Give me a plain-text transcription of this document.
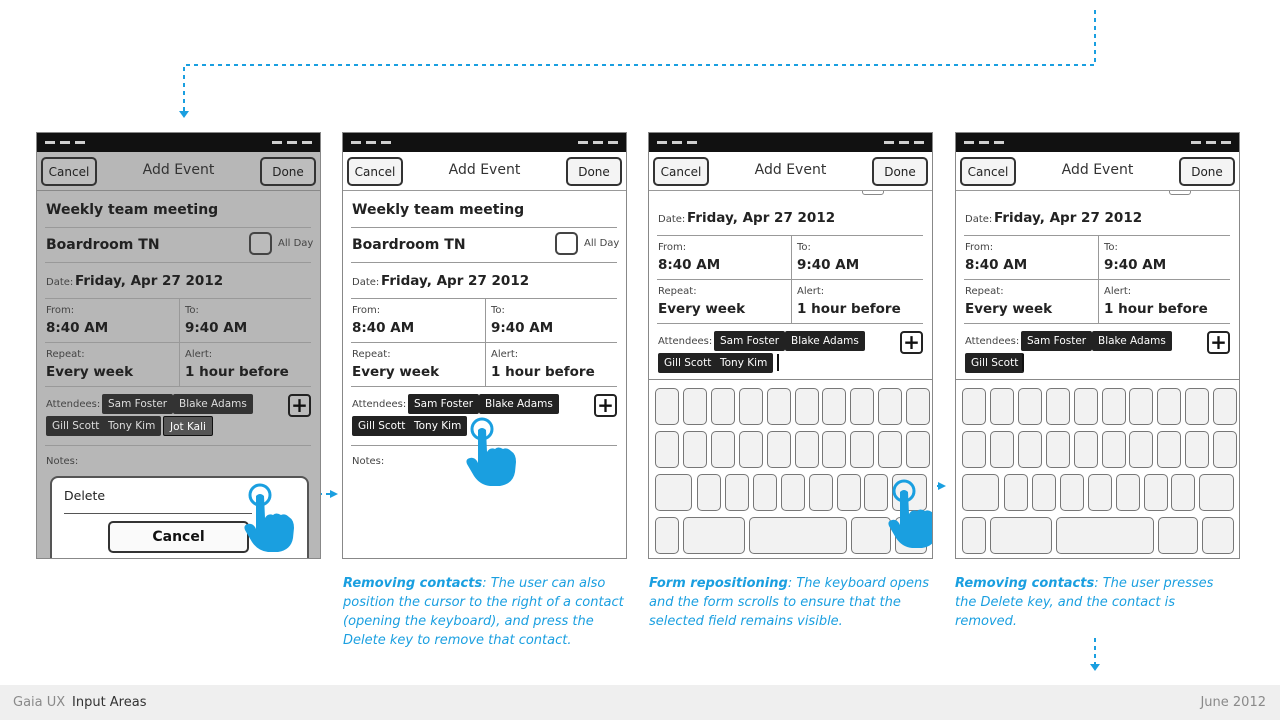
Cancel	Add Event	Done
Weekly team meeting
Boardroom TN	All Day
Date: Friday, Apr 27 2012
From:
8:40 AM
To:
9:40 AM
Repeat:
Every week
Alert:
1 hour before
Attendees: Sam Foster	Blake Adams	+
Gill Scott Tony Kim	Jot Kali
Notes:
Delete
Cancel
Cancel	Add Event	Done
Weekly team meeting
Boardroom TN	All Day
Date: Friday, Apr 27 2012
From:
8:40 AM
To:
9:40 AM
Repeat:
Every week
Alert:
1 hour before
Attendees: Sam Foster	Blake Adams	+
Gill Scott Tony Kim
Notes:
Cancel	Add Event	Done
Date: Friday, Apr 27 2012
From:
8:40 AM
To:
9:40 AM
Repeat:
Every week
Alert:
1 hour before
Attendees: Sam Foster	Blake Adams	+
Gill Scott Tony Kim
Cancel	Add Event	Done
Date: Friday, Apr 27 2012
From:
8:40 AM
To:
9:40 AM
Repeat:
Every week
Alert:
1 hour before
Attendees: Sam Foster	Blake Adams	+
Gill Scott
Removing contacts: The user can also position the cursor to the right of a contact (opening the keyboard), and press the Delete key to remove that contact.
Form repositioning: The keyboard opens and the form scrolls to ensure that the selected field remains visible.
Removing contacts: The user presses the Delete key, and the contact is removed.
Gaia UX Input Areas	June 2012
